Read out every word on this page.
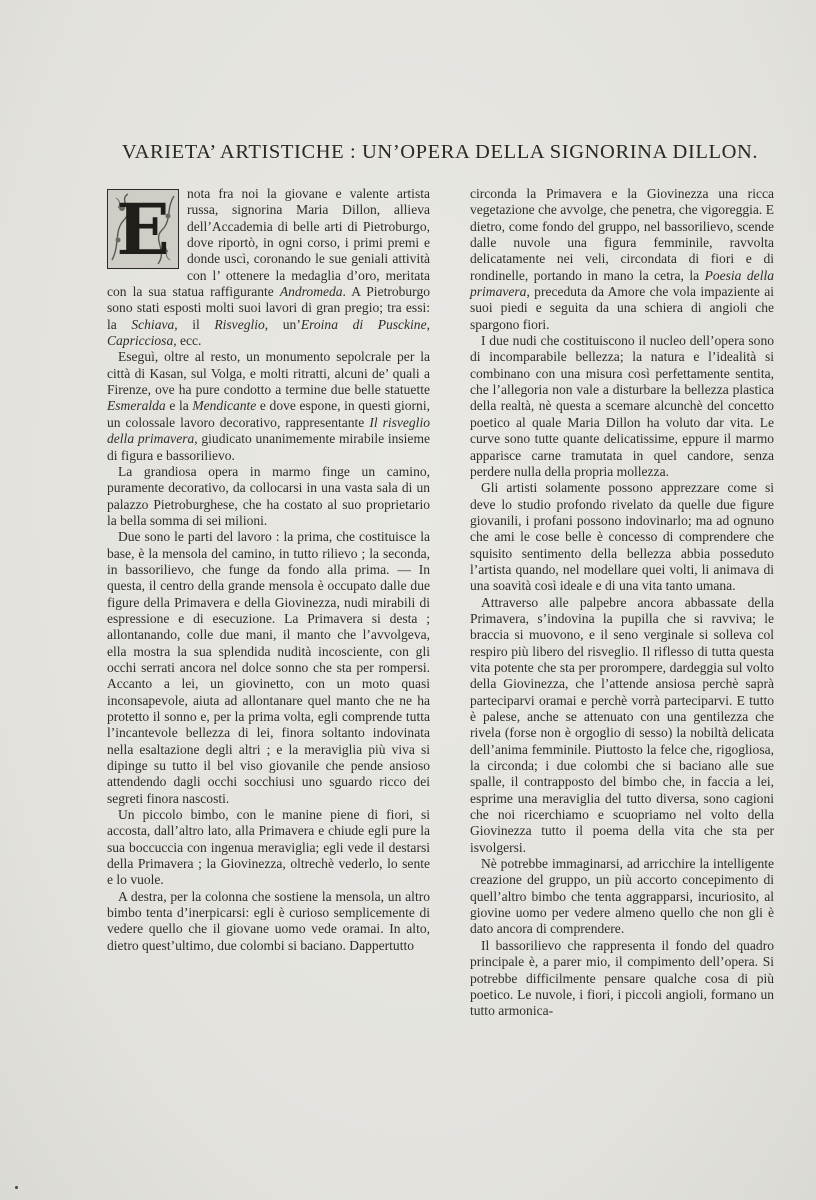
VARIETA’ ARTISTICHE : UN’OPERA DELLA SIGNORINA DILLON.

E	nota fra noi la giovane e valente artista russa, signorina Maria Dillon, allieva dell’Accademia di belle arti di Pietroburgo, dove riportò, in ogni corso, i primi premi e donde uscì, coronando le sue geniali attività con l’ ottenere la medaglia d’oro, meritata con la sua statua raffigurante Andromeda. A Pietroburgo sono stati esposti molti suoi lavori di gran pregio; tra essi: la Schiava, il Risveglio, un’Eroina di Pusckine, Capricciosa, ecc.

Eseguì, oltre al resto, un monumento sepolcrale per la città di Kasan, sul Volga, e molti ritratti, alcuni de’ quali a Firenze, ove ha pure condotto a termine due belle statuette Esmeralda e la Mendicante e dove espone, in questi giorni, un colossale lavoro decorativo, rappresentante Il risveglio della primavera, giudicato unanimemente mirabile insieme di figura e bassorilievo.

La grandiosa opera in marmo finge un camino, puramente decorativo, da collocarsi in una vasta sala di un palazzo Pietroburghese, che ha costato al suo proprietario la bella somma di sei milioni.

Due sono le parti del lavoro : la prima, che costituisce la base, è la mensola del camino, in tutto rilievo ; la seconda, in bassorilievo, che funge da fondo alla prima. — In questa, il centro della grande mensola è occupato dalle due figure della Primavera e della Giovinezza, nudi mirabili di espressione e di esecuzione. La Primavera si desta ; allontanando, colle due mani, il manto che l’avvolgeva, ella mostra la sua splendida nudità incosciente, con gli occhi serrati ancora nel dolce sonno che sta per rompersi. Accanto a lei, un giovinetto, con un moto quasi inconsapevole, aiuta ad allontanare quel manto che ne ha protetto il sonno e, per la prima volta, egli comprende tutta l’incantevole bellezza di lei, finora soltanto indovinata nella esaltazione degli altri ; e la meraviglia più viva si dipinge su tutto il bel viso giovanile che pende ansioso attendendo dagli occhi socchiusi uno sguardo ricco dei segreti finora nascosti.

Un piccolo bimbo, con le manine piene di fiori, si accosta, dall’altro lato, alla Primavera e chiude egli pure la sua boccuccia con ingenua meraviglia; egli vede il destarsi della Primavera ; la Giovinezza, oltrechè vederlo, lo sente e lo vuole.

A destra, per la colonna che sostiene la mensola, un altro bimbo tenta d’inerpicarsi: egli è curioso semplicemente di vedere quello che il giovane uomo vede oramai. In alto, dietro quest’ultimo, due colombi si baciano. Dappertutto

circonda la Primavera e la Giovinezza una ricca vegetazione che avvolge, che penetra, che vigoreggia. E dietro, come fondo del gruppo, nel bassorilievo, scende dalle nuvole una figura femminile, ravvolta delicatamente nei veli, circondata di fiori e di rondinelle, portando in mano la cetra, la Poesia della primavera, preceduta da Amore che vola impaziente ai suoi piedi e seguita da una schiera di angioli che spargono fiori.

I due nudi che costituiscono il nucleo dell’opera sono di incomparabile bellezza; la natura e l’idealità si combinano con una misura così perfettamente sentita, che l’allegoria non vale a disturbare la bellezza plastica della realtà, nè questa a scemare alcunchè del concetto poetico al quale Maria Dillon ha voluto dar vita. Le curve sono tutte quante delicatissime, eppure il marmo apparisce carne tramutata in quel candore, senza perdere nulla della propria mollezza.

Gli artisti solamente possono apprezzare come si deve lo studio profondo rivelato da quelle due figure giovanili, i profani possono indovinarlo; ma ad ognuno che ami le cose belle è concesso di comprendere che squisito sentimento della bellezza abbia posseduto l’artista quando, nel modellare quei volti, li animava di una soavità così ideale e di una vita tanto umana.

Attraverso alle palpebre ancora abbassate della Primavera, s’indovina la pupilla che si ravviva; le braccia si muovono, e il seno verginale si solleva col respiro più libero del risveglio. Il riflesso di tutta questa vita potente che sta per prorompere, dardeggia sul volto della Giovinezza, che l’attende ansiosa perchè saprà parteciparvi oramai e perchè vorrà parteciparvi. E tutto è palese, anche se attenuato con una gentilezza che rivela (forse non è orgoglio di sesso) la nobiltà delicata dell’anima femminile. Piuttosto la felce che, rigogliosa, la circonda; i due colombi che si baciano alle sue spalle, il contrapposto del bimbo che, in faccia a lei, esprime una meraviglia del tutto diversa, sono cagioni che noi ricerchiamo e scuopriamo nel volto della Giovinezza tutto il poema della vita che sta per isvolgersi.

Nè potrebbe immaginarsi, ad arricchire la intelligente creazione del gruppo, un più accorto concepimento di quell’altro bimbo che tenta aggrapparsi, incuriosito, al giovine uomo per vedere almeno quello che non gli è dato ancora di comprendere.

Il bassorilievo che rappresenta il fondo del quadro principale è, a parer mio, il compimento dell’opera. Si potrebbe difficilmente pensare qualche cosa di più poetico. Le nuvole, i fiori, i piccoli angioli, formano un tutto armonica-
